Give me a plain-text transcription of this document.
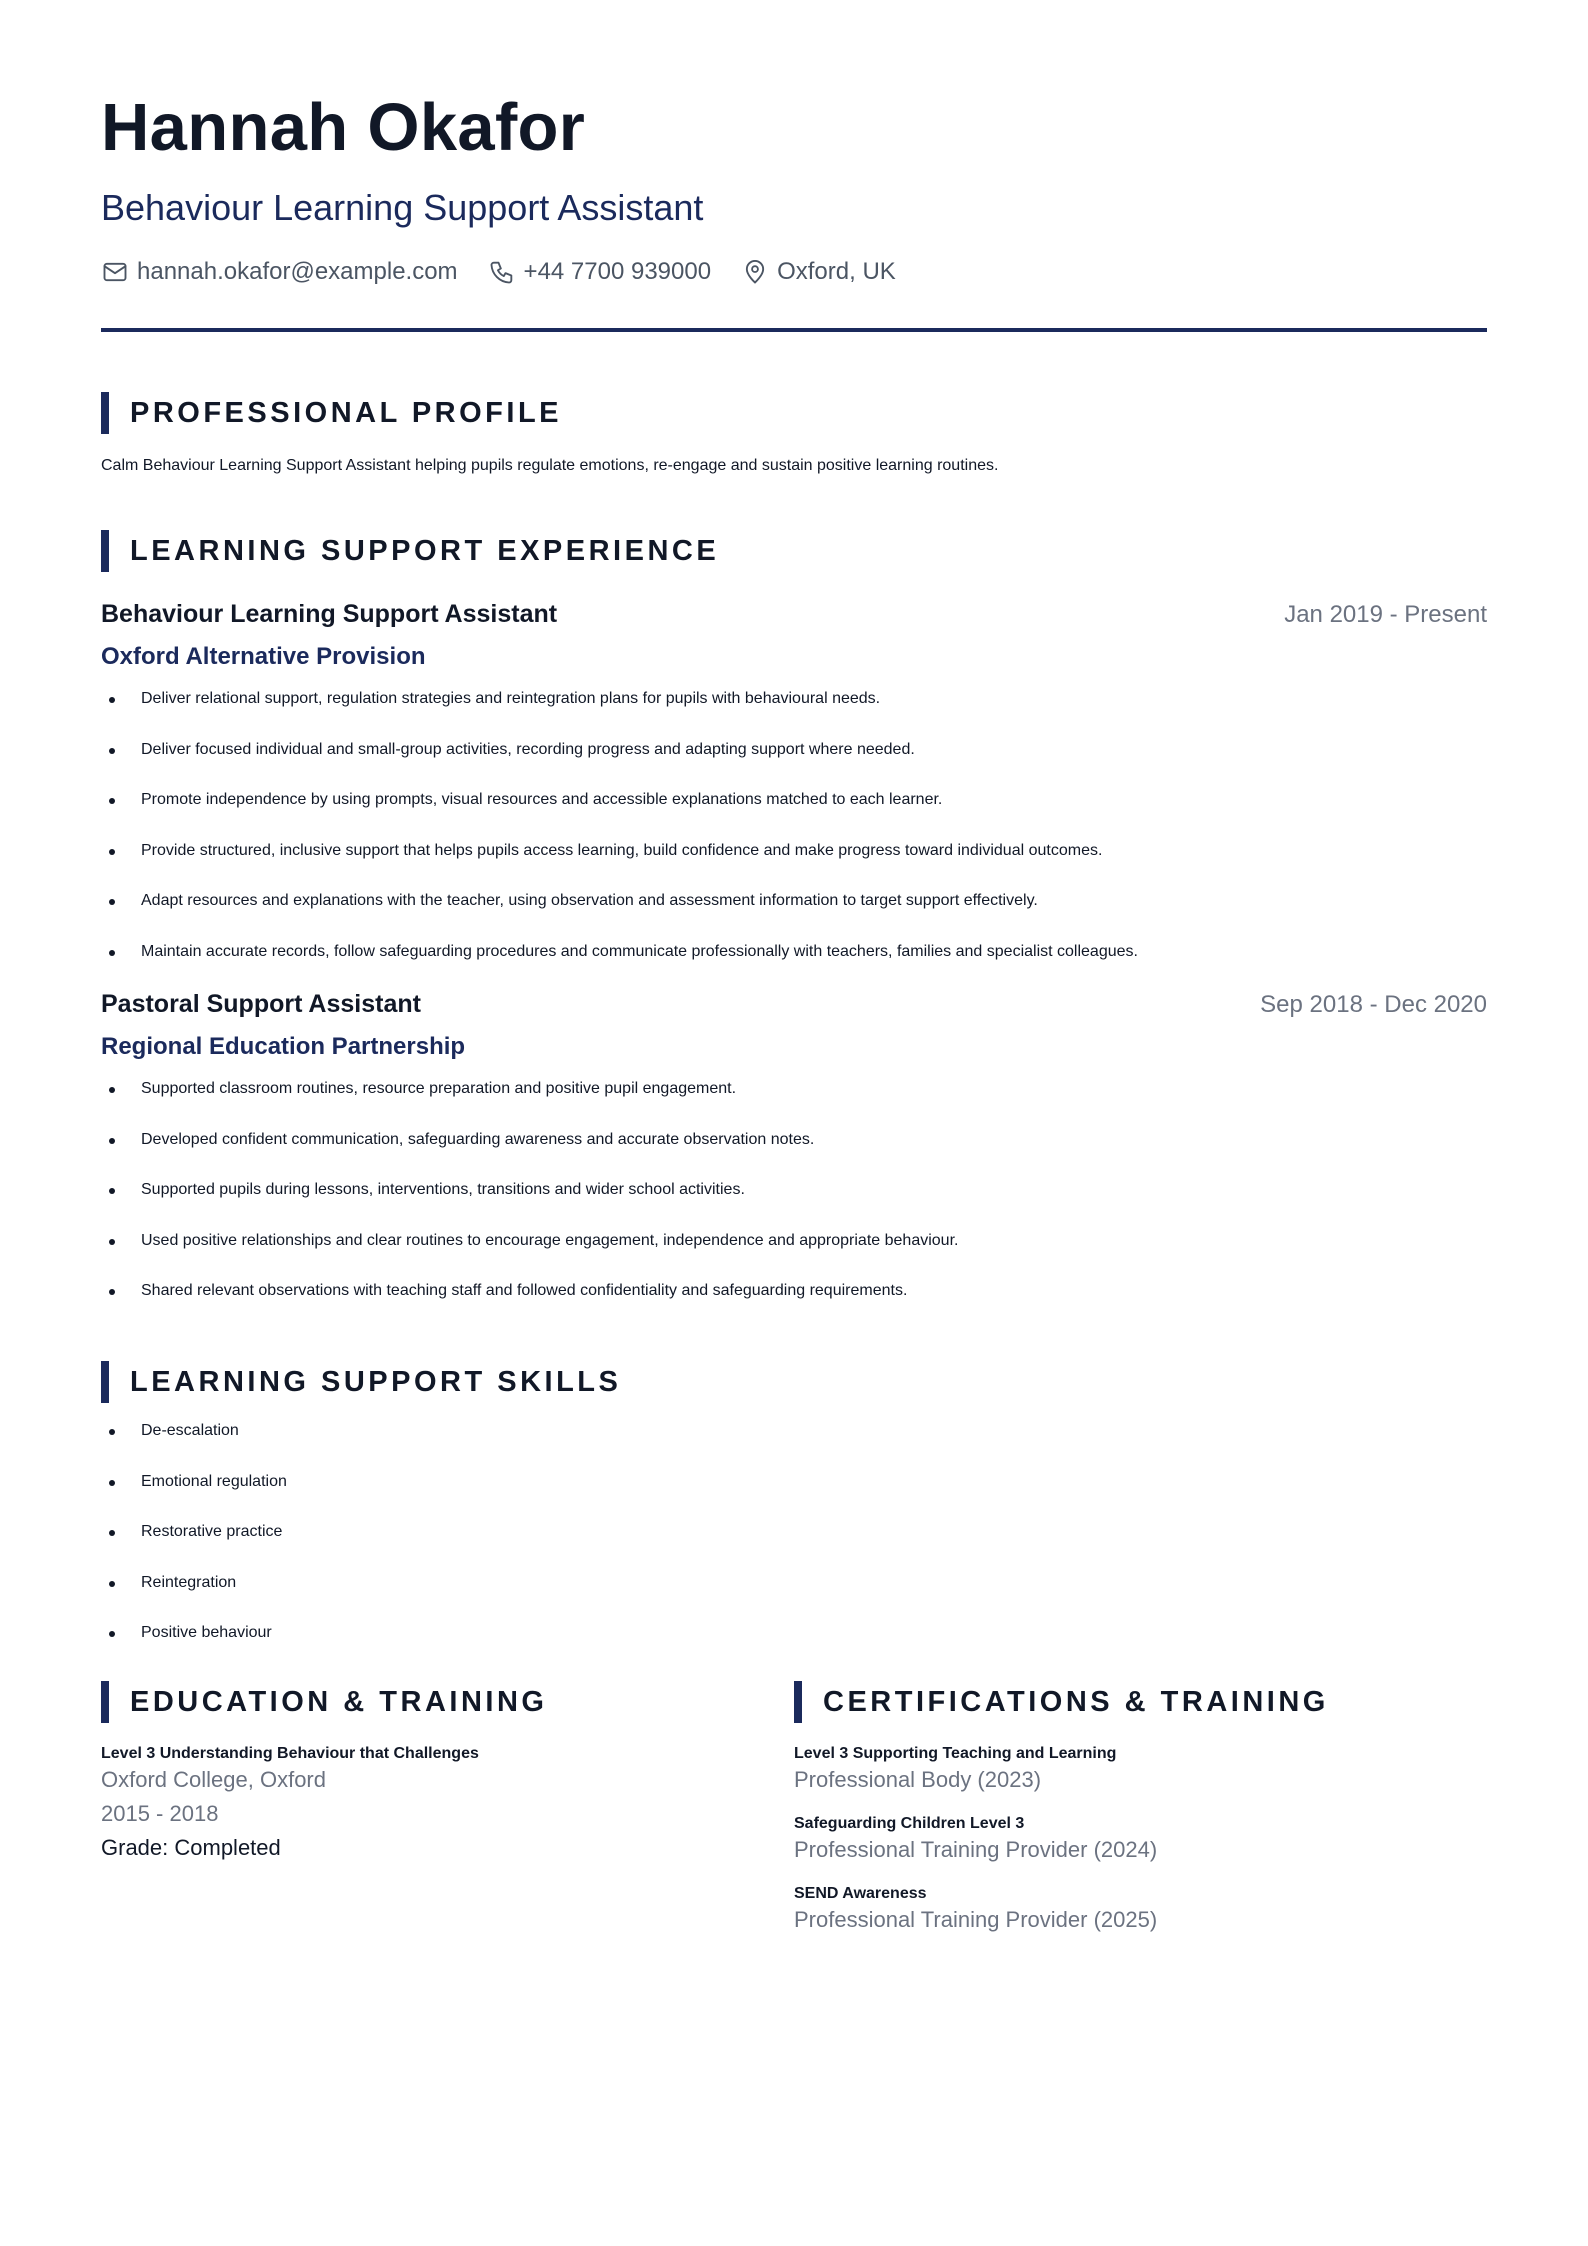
Hannah Okafor
Behaviour Learning Support Assistant
hannah.okafor@example.com	+44 7700 939000	Oxford, UK
PROFESSIONAL PROFILE
Calm Behaviour Learning Support Assistant helping pupils regulate emotions, re-engage and sustain positive learning routines.
LEARNING SUPPORT EXPERIENCE
Behaviour Learning Support Assistant	Jan 2019 - Present
Oxford Alternative Provision
Deliver relational support, regulation strategies and reintegration plans for pupils with behavioural needs.
Deliver focused individual and small-group activities, recording progress and adapting support where needed.
Promote independence by using prompts, visual resources and accessible explanations matched to each learner.
Provide structured, inclusive support that helps pupils access learning, build confidence and make progress toward individual outcomes.
Adapt resources and explanations with the teacher, using observation and assessment information to target support effectively.
Maintain accurate records, follow safeguarding procedures and communicate professionally with teachers, families and specialist colleagues.
Pastoral Support Assistant	Sep 2018 - Dec 2020
Regional Education Partnership
Supported classroom routines, resource preparation and positive pupil engagement.
Developed confident communication, safeguarding awareness and accurate observation notes.
Supported pupils during lessons, interventions, transitions and wider school activities.
Used positive relationships and clear routines to encourage engagement, independence and appropriate behaviour.
Shared relevant observations with teaching staff and followed confidentiality and safeguarding requirements.
LEARNING SUPPORT SKILLS
De-escalation
Emotional regulation
Restorative practice
Reintegration
Positive behaviour
EDUCATION & TRAINING
Level 3 Understanding Behaviour that Challenges
Oxford College, Oxford
2015 - 2018
Grade: Completed
CERTIFICATIONS & TRAINING
Level 3 Supporting Teaching and Learning
Professional Body (2023)
Safeguarding Children Level 3
Professional Training Provider (2024)
SEND Awareness
Professional Training Provider (2025)
